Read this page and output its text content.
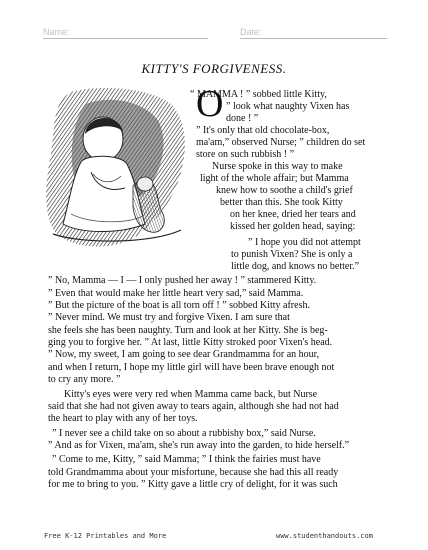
Name:	Date:
KITTY'S FORGIVENESS.
O
“ MAMMA ! ” sobbed little Kitty,
” look what naughty Vixen has
done ! ”
” It's only that old chocolate-box,
ma'am,” observed Nurse; ” children do set
store on such rubbish ! ”
Nurse spoke in this way to make
light of the whole affair; but Mamma
knew how to soothe a child's grief
better than this. She took Kitty
on her knee, dried her tears and
kissed her golden head, saying:
” I hope you did not attempt
to punish Vixen? She is only a
little dog, and knows no better.”
” No, Mamma — I — I only pushed her away ! ” stammered Kitty.
” Even that would make her little heart very sad,” said Mamma.
” But the picture of the boat is all torn off ! ” sobbed Kitty afresh.
” Never mind. We must try and forgive Vixen. I am sure that
she feels she has been naughty. Turn and look at her Kitty. She is beg-
ging you to forgive her. ” At last, little Kitty stroked poor Vixen's head.
” Now, my sweet, I am going to see dear Grandmamma for an hour,
and when I return, I hope my little girl will have been brave enough not
to cry any more. ”
Kitty's eyes were very red when Mamma came back, but Nurse
said that she had not given away to tears again, although she had not had
the heart to play with any of her toys.
” I never see a child take on so about a rubbishy box,” said Nurse.
” And as for Vixen, ma'am, she's run away into the garden, to hide herself.”
” Come to me, Kitty, ” said Mamma; ” I think the fairies must have
told Grandmamma about your misfortune, because she had this all ready
for me to bring to you. ” Kitty gave a little cry of delight, for it was such
Free K-12 Printables and More	www.studenthandouts.com
